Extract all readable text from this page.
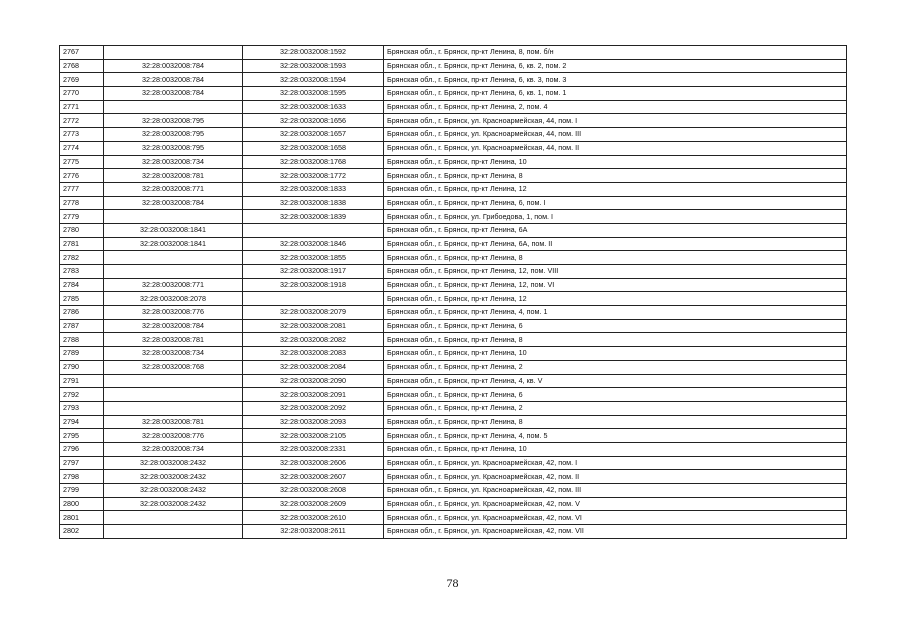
2767		32:28:0032008:1592	Брянская обл., г. Брянск, пр-кт Ленина, 8, пом. б/н
2768	32:28:0032008:784	32:28:0032008:1593	Брянская обл., г. Брянск, пр-кт Ленина, 6, кв. 2, пом. 2
2769	32:28:0032008:784	32:28:0032008:1594	Брянская обл., г. Брянск, пр-кт Ленина, 6, кв. 3, пом. 3
2770	32:28:0032008:784	32:28:0032008:1595	Брянская обл., г. Брянск, пр-кт Ленина, 6, кв. 1, пом. 1
2771		32:28:0032008:1633	Брянская обл., г. Брянск, пр-кт Ленина, 2, пом. 4
2772	32:28:0032008:795	32:28:0032008:1656	Брянская обл., г. Брянск, ул. Красноармейская, 44, пом. I
2773	32:28:0032008:795	32:28:0032008:1657	Брянская обл., г. Брянск, ул. Красноармейская, 44, пом. III
2774	32:28:0032008:795	32:28:0032008:1658	Брянская обл., г. Брянск, ул. Красноармейская, 44, пом. II
2775	32:28:0032008:734	32:28:0032008:1768	Брянская обл., г. Брянск, пр-кт Ленина, 10
2776	32:28:0032008:781	32:28:0032008:1772	Брянская обл., г. Брянск, пр-кт Ленина, 8
2777	32:28:0032008:771	32:28:0032008:1833	Брянская обл., г. Брянск, пр-кт Ленина, 12
2778	32:28:0032008:784	32:28:0032008:1838	Брянская обл., г. Брянск, пр-кт Ленина, 6, пом. I
2779		32:28:0032008:1839	Брянская обл., г. Брянск, ул. Грибоедова, 1, пом. I
2780	32:28:0032008:1841		Брянская обл., г. Брянск, пр-кт Ленина, 6А
2781	32:28:0032008:1841	32:28:0032008:1846	Брянская обл., г. Брянск, пр-кт Ленина, 6А, пом. II
2782		32:28:0032008:1855	Брянская обл., г. Брянск, пр-кт Ленина, 8
2783		32:28:0032008:1917	Брянская обл., г. Брянск, пр-кт Ленина, 12, пом. VIII
2784	32:28:0032008:771	32:28:0032008:1918	Брянская обл., г. Брянск, пр-кт Ленина, 12, пом. VI
2785	32:28:0032008:2078		Брянская обл., г. Брянск, пр-кт Ленина, 12
2786	32:28:0032008:776	32:28:0032008:2079	Брянская обл., г. Брянск, пр-кт Ленина, 4, пом. 1
2787	32:28:0032008:784	32:28:0032008:2081	Брянская обл., г. Брянск, пр-кт Ленина, 6
2788	32:28:0032008:781	32:28:0032008:2082	Брянская обл., г. Брянск, пр-кт Ленина, 8
2789	32:28:0032008:734	32:28:0032008:2083	Брянская обл., г. Брянск, пр-кт Ленина, 10
2790	32:28:0032008:768	32:28:0032008:2084	Брянская обл., г. Брянск, пр-кт Ленина, 2
2791		32:28:0032008:2090	Брянская обл., г. Брянск, пр-кт Ленина, 4, кв. V
2792		32:28:0032008:2091	Брянская обл., г. Брянск, пр-кт Ленина, 6
2793		32:28:0032008:2092	Брянская обл., г. Брянск, пр-кт Ленина, 2
2794	32:28:0032008:781	32:28:0032008:2093	Брянская обл., г. Брянск, пр-кт Ленина, 8
2795	32:28:0032008:776	32:28:0032008:2105	Брянская обл., г. Брянск, пр-кт Ленина, 4, пом. 5
2796	32:28:0032008:734	32:28:0032008:2331	Брянская обл., г. Брянск, пр-кт Ленина, 10
2797	32:28:0032008:2432	32:28:0032008:2606	Брянская обл., г. Брянск, ул. Красноармейская, 42, пом. I
2798	32:28:0032008:2432	32:28:0032008:2607	Брянская обл., г. Брянск, ул. Красноармейская, 42, пом. II
2799	32:28:0032008:2432	32:28:0032008:2608	Брянская обл., г. Брянск, ул. Красноармейская, 42, пом. III
2800	32:28:0032008:2432	32:28:0032008:2609	Брянская обл., г. Брянск, ул. Красноармейская, 42, пом. V
2801		32:28:0032008:2610	Брянская обл., г. Брянск, ул. Красноармейская, 42, пом. VI
2802		32:28:0032008:2611	Брянская обл., г. Брянск, ул. Красноармейская, 42, пом. VII
78
